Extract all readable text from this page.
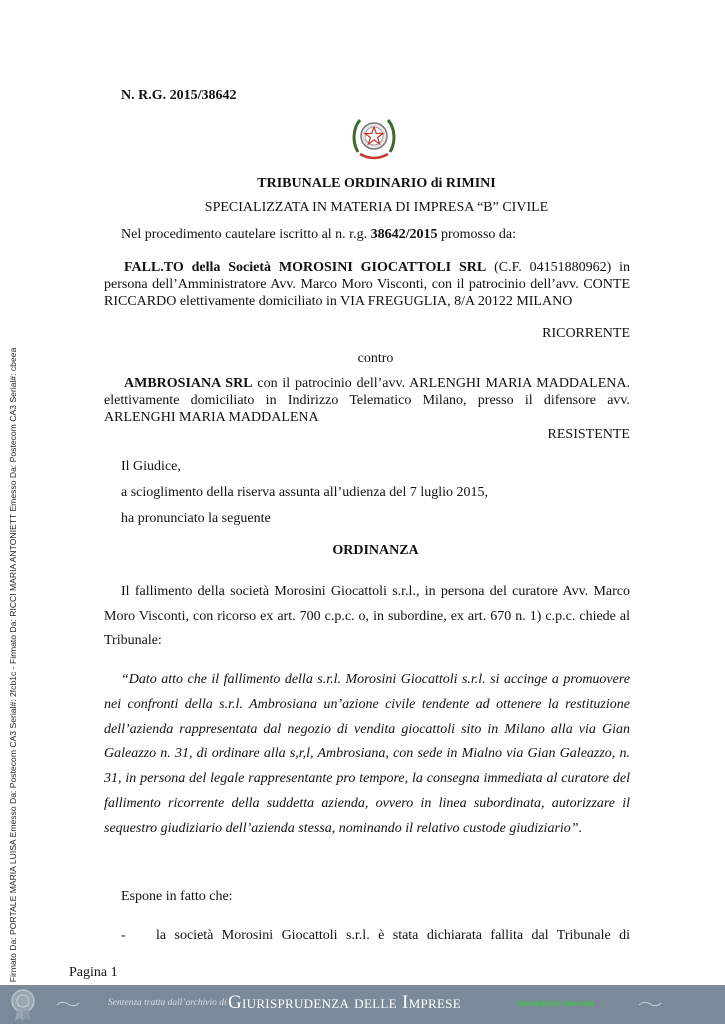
Firmato Da: PORTALE MARIA LUISA Emesso Da: Postecom CA3 Serial#: 2fcb1c - Firmato Da: RICCI MARIA ANTONIETT Emesso Da: Postecom CA3 Serial#: cbeea
N. R.G. 2015/38642
TRIBUNALE ORDINARIO di RIMINI
SPECIALIZZATA IN MATERIA DI IMPRESA “B” CIVILE
Nel procedimento cautelare iscritto al n. r.g. 38642/2015 promosso da:
FALL.TO della Società MOROSINI GIOCATTOLI SRL (C.F. 04151880962) in persona dell’Amministratore Avv. Marco Moro Visconti, con il patrocinio dell’avv. CONTE RICCARDO elettivamente domiciliato in VIA FREGUGLIA, 8/A 20122 MILANO
RICORRENTE
contro
AMBROSIANA SRL con il patrocinio dell’avv. ARLENGHI MARIA MADDALENA. elettivamente domiciliato in Indirizzo Telematico Milano, presso il difensore avv. ARLENGHI MARIA MADDALENA
RESISTENTE
Il Giudice,
a scioglimento della riserva assunta all’udienza del 7 luglio 2015,
ha pronunciato la seguente
ORDINANZA
Il fallimento della società Morosini Giocattoli s.r.l., in persona del curatore Avv. Marco Moro Visconti, con ricorso ex art. 700 c.p.c. o, in subordine, ex art. 670 n. 1) c.p.c. chiede al Tribunale:
“Dato atto che il fallimento della s.r.l. Morosini Giocattoli s.r.l. si accinge a promuovere nei confronti della s.r.l. Ambrosiana un’azione civile tendente ad ottenere la restituzione dell’azienda rappresentata dal negozio di vendita giocattoli sito in Milano alla via Gian Galeazzo n. 31, di ordinare alla s,r,l, Ambrosiana, con sede in Mialno via Gian Galeazzo, n. 31, in persona del legale rappresentante pro tempore, la consegna immediata al curatore del fallimento ricorrente della suddetta azienda, ovvero in linea subordinata, autorizzare il sequestro giudiziario dell’azienda stessa, nominando il relativo custode giudiziario”.
Espone in fatto che:
- la società Morosini Giocattoli s.r.l. è stata dichiarata fallita dal Tribunale di
Pagina 1
Sentenza tratta dall’archivio di Giurisprudenza delle Imprese	riproduzione riservata
